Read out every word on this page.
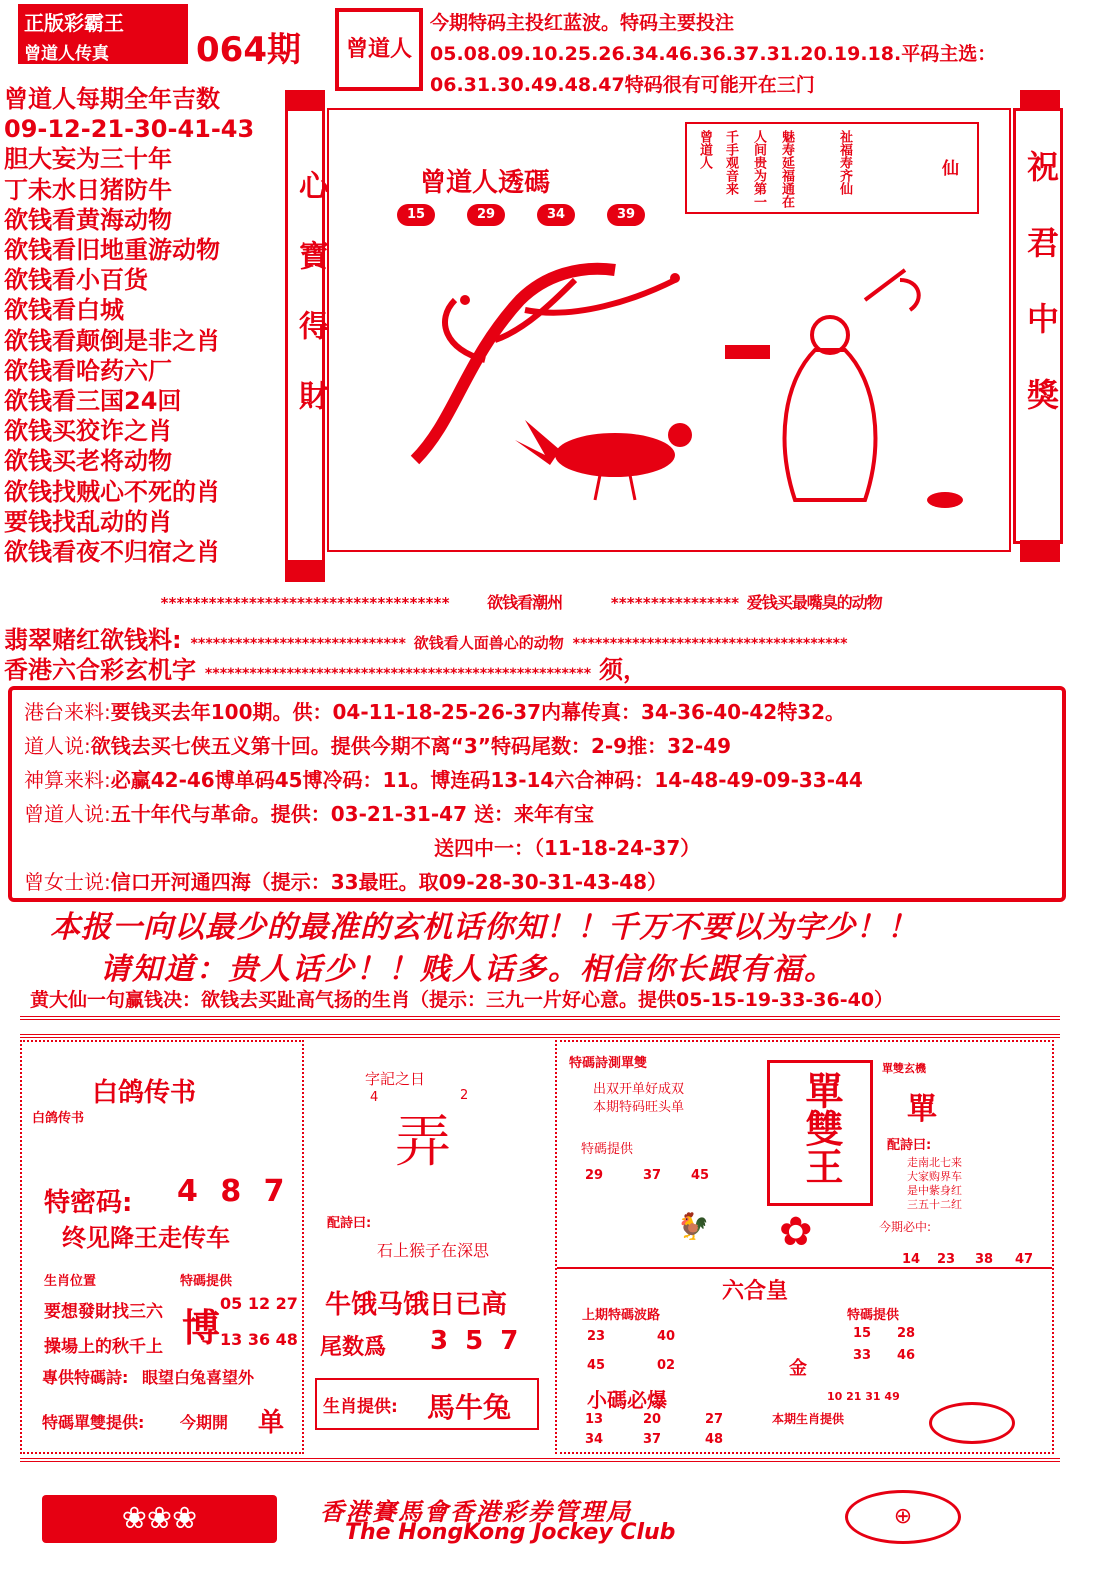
正版彩霸王
曾道人传真	064期	曾道人
今期特码主投红蓝波。特码主要投注05.08.09.10.25.26.34.46.36.37.31.20.19.18.平码主选：06.31.30.49.48.47特码很有可能开在三门
曾道人每期全年吉数
09-12-21-30-41-43
胆大妄为三十年
丁未水日猪防牛
欲钱看黄海动物
欲钱看旧地重游动物
欲钱看小百货
欲钱看白城
欲钱看颠倒是非之肖
欲钱看哈药六厂
欲钱看三国24回
欲钱买狡诈之肖
欲钱买老将动物
欲钱找贼心不死的肖
要钱找乱动的肖
欲钱看夜不归宿之肖
心寶得財	祝君中獎
曾道人透碼
15	29	34	39
曾道人 千手观音来 人间贵为第一 魅寿延福通在	祉福寿齐仙	仙
************************************ 欲钱看潮州	**************** 爱钱买最嘴臭的动物
翡翠赌红欲钱料: ***************************** 欲钱看人面兽心的动物 *************************************
香港六合彩玄机字 **************************************************** 须，
港台来料:要钱买去年100期。供：04-11-18-25-26-37内幕传真：34-36-40-42特32。
道人说:欲钱去买七侠五义第十回。提供今期不离“3”特码尾数：2-9推：32-49
神算来料:必赢42-46博单码45博冷码：11。博连码13-14六合神码：14-48-49-09-33-44
曾道人说:五十年代与革命。提供：03-21-31-47 送：来年有宝
送四中一：（11-18-24-37）
曾女士说:信口开河通四海（提示：33最旺。取09-28-30-31-43-48）
本报一向以最少的最准的玄机话你知！！千万不要以为字少！！
请知道：贵人话少！！贱人话多。相信你长跟有福。
黄大仙一句赢钱决：欲钱去买趾高气扬的生肖（提示：三九一片好心意。提供05-15-19-33-36-40）
白鸽传书
白鸽传书
特密码: 4 8 7
终见降王走传车
生肖位置
要想發財找三六
操場上的秋千上
特碼提供
博
05 12 27
13 36 48
專供特碼詩: 眼望白兔喜望外
特碼單雙提供: 今期開 单
字記之日
4	2
弄
配詩曰:
石上猴子在深思
牛饿马饿日已高
尾数爲 3 5 7
生肖提供: 馬牛兔
特碼詩測單雙
出双开单好成双
本期特码旺头单
特碼提供
29	37 45 單雙王
單雙玄機
單
配詩曰:
走南北七来
大家购界车
是中紫身红
三五十二红
今期必中:
14 23 38 47
✿
🐓
六合皇
上期特碼波路
23	40
45	02	金
特碼提供
15 28
33 46
小碼必爆	10 21 31 49
13	20	27
34	37	48
本期生肖提供
❀❀❀	香港賽馬會香港彩券管理局
The HongKong Jockey Club
⊕
